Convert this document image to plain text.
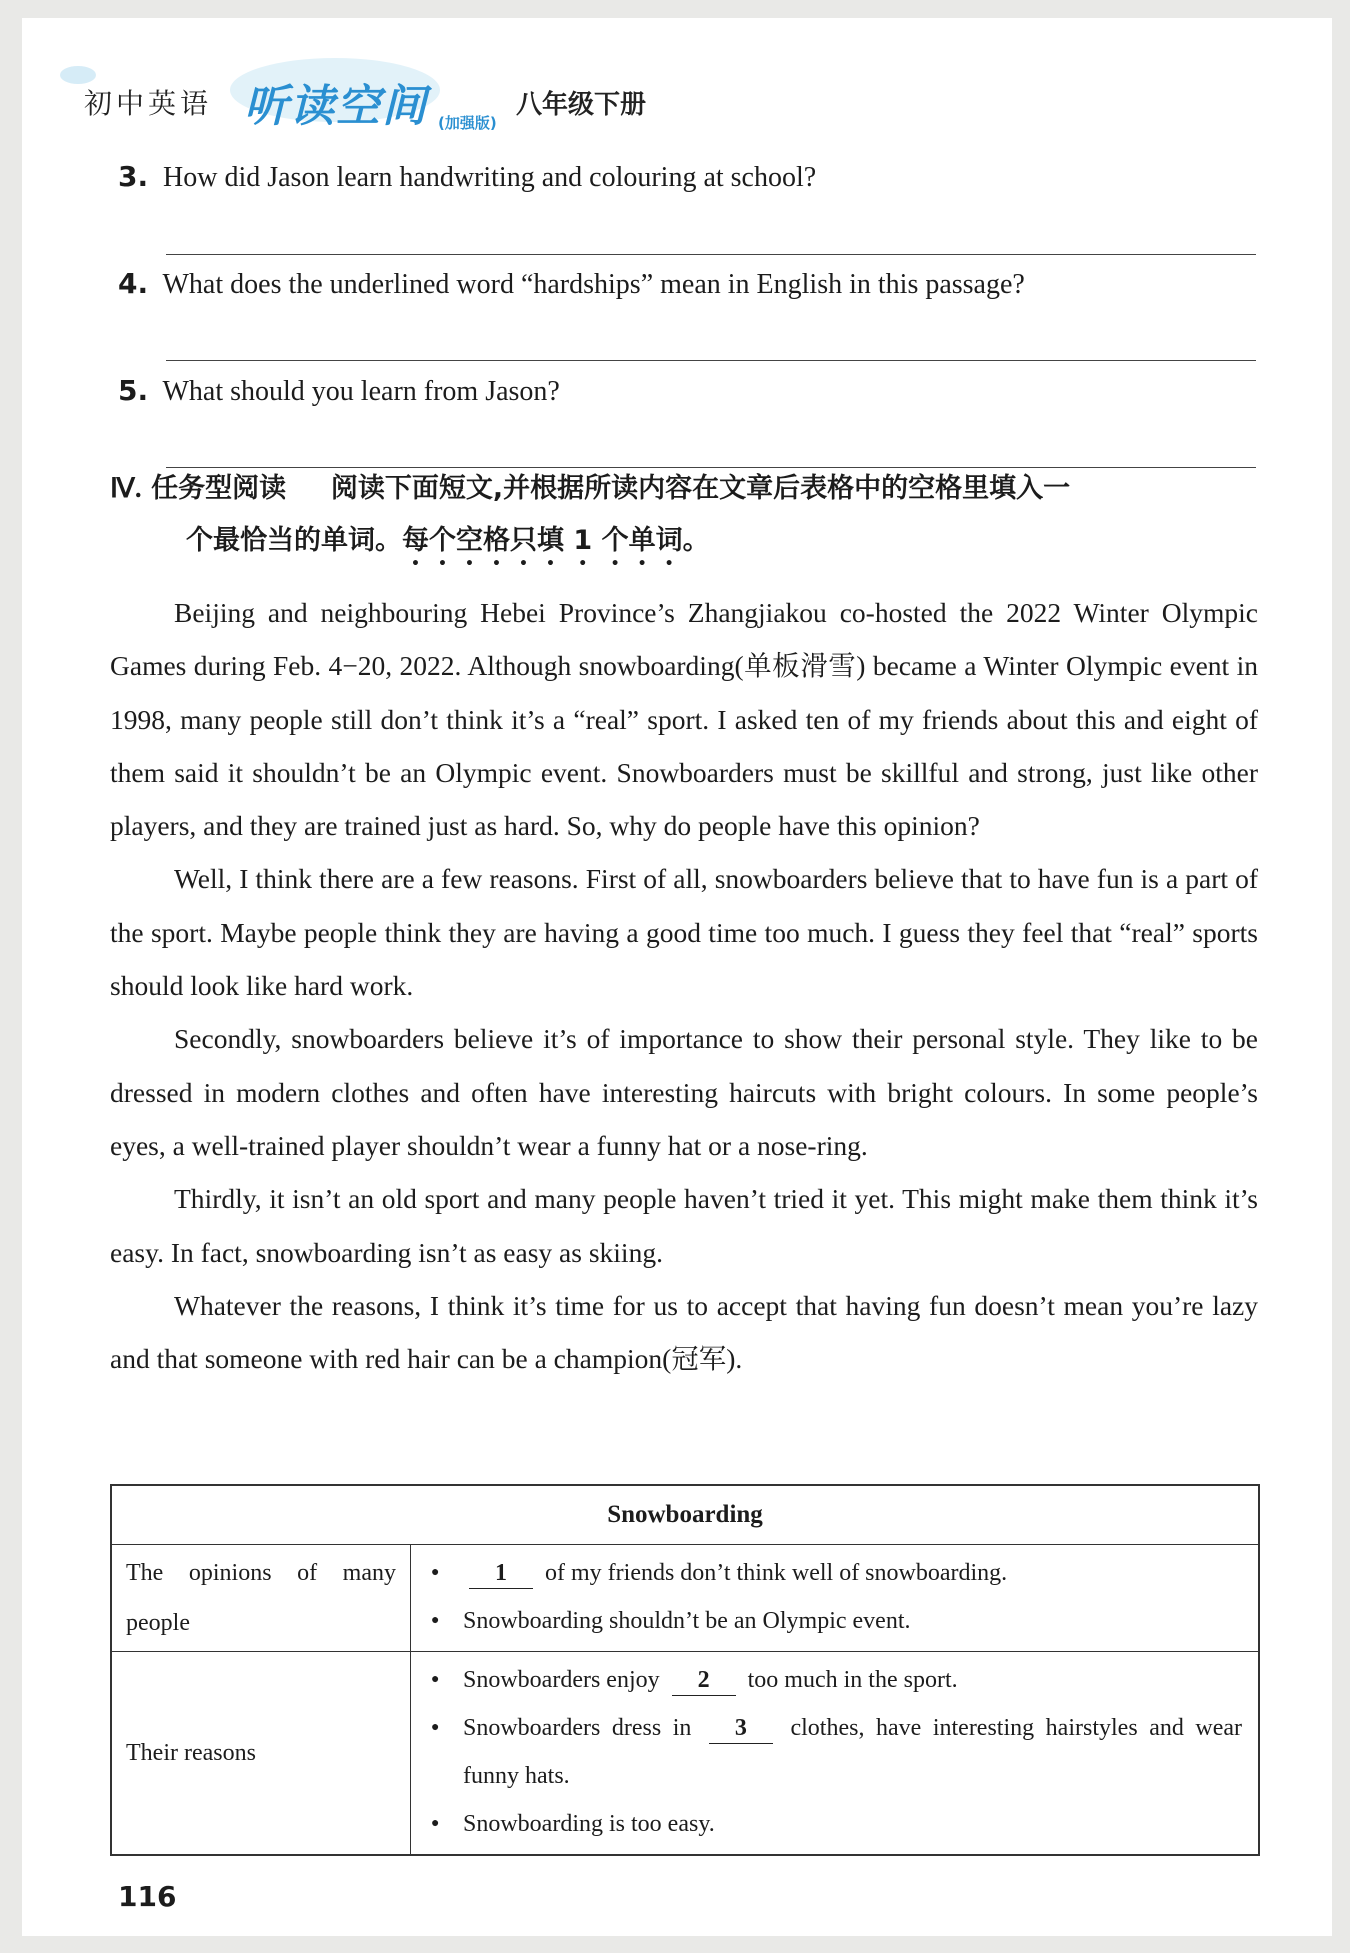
初中英语 听读空间 (加强版)
八年级下册
3. How did Jason learn handwriting and colouring at school?
4. What does the underlined word “hardships” mean in English in this passage?
5. What should you learn from Jason?
Ⅳ. 任务型阅读 阅读下面短文,并根据所读内容在文章后表格中的空格里填入一
个最恰当的单词。每个空格只填 1 个单词。

Beijing and neighbouring Hebei Province’s Zhangjiakou co-hosted the 2022 Winter Olympic Games during Feb. 4−20, 2022. Although snowboarding(单板滑雪) became a Winter Olympic event in 1998, many people still don’t think it’s a “real” sport. I asked ten of my friends about this and eight of them said it shouldn’t be an Olympic event. Snowboarders must be skillful and strong, just like other players, and they are trained just as hard. So, why do people have this opinion?

Well, I think there are a few reasons. First of all, snowboarders believe that to have fun is a part of the sport. Maybe people think they are having a good time too much. I guess they feel that “real” sports should look like hard work.

Secondly, snowboarders believe it’s of importance to show their personal style. They like to be dressed in modern clothes and often have interesting haircuts with bright colours. In some people’s eyes, a well-trained player shouldn’t wear a funny hat or a nose-ring.

Thirdly, it isn’t an old sport and many people haven’t tried it yet. This might make them think it’s easy. In fact, snowboarding isn’t as easy as skiing.

Whatever the reasons, I think it’s time for us to accept that having fun doesn’t mean you’re lazy and that someone with red hair can be a champion(冠军).

Snowboarding	
The opinions of many people	● 1 of my friends don’t think well of snowboarding.
● Snowboarding shouldn’t be an Olympic event.

Their reasons	● Snowboarders enjoy 2 too much in the sport.
● Snowboarders dress in 3 clothes, have interesting hairstyles and wear funny hats.
● Snowboarding is too easy.
116
